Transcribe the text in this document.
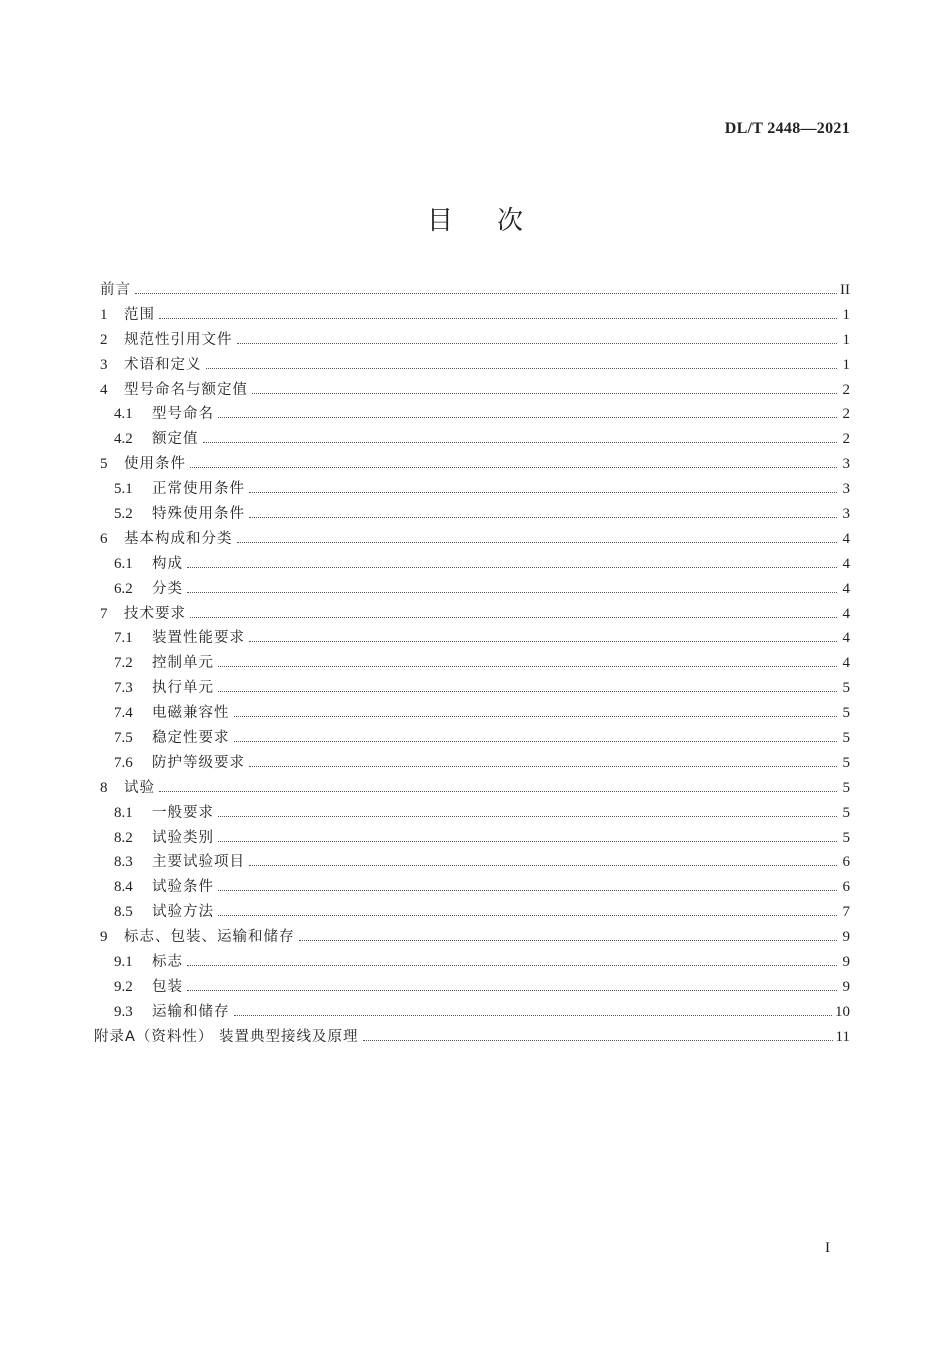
DL/T 2448—2021
目 次
前言	II
1	范围	1
2	规范性引用文件	1
3	术语和定义	1
4	型号命名与额定值	2
4.1	型号命名	2
4.2	额定值	2
5	使用条件	3
5.1	正常使用条件	3
5.2	特殊使用条件	3
6	基本构成和分类	4
6.1	构成	4
6.2	分类	4
7	技术要求	4
7.1	装置性能要求	4
7.2	控制单元	4
7.3	执行单元	5
7.4	电磁兼容性	5
7.5	稳定性要求	5
7.6	防护等级要求	5
8	试验	5
8.1	一般要求	5
8.2	试验类别	5
8.3	主要试验项目	6
8.4	试验条件	6
8.5	试验方法	7
9	标志、包装、运输和储存	9
9.1	标志	9
9.2	包装	9
9.3	运输和储存	10
附录A（资料性） 装置典型接线及原理	11
I
